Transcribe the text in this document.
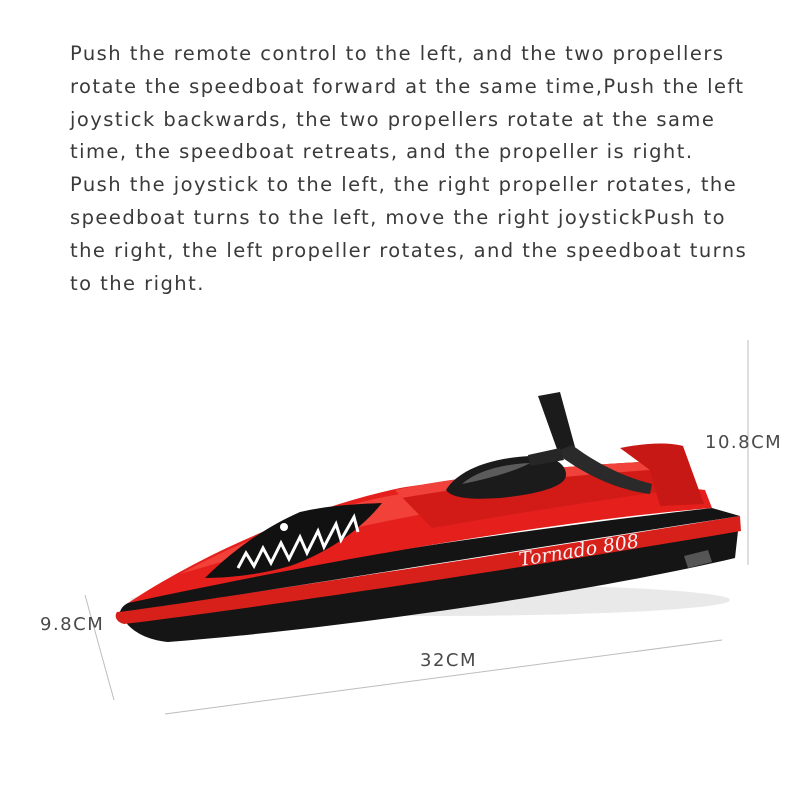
Push the remote control to the left, and the two propellers
rotate the speedboat forward at the same time,Push the left
joystick backwards, the two propellers rotate at the same
time, the speedboat retreats, and the propeller is right.
Push the joystick to the left, the right propeller rotates, the
speedboat turns to the left, move the right joystickPush to
the right, the left propeller rotates, and the speedboat turns
to the right.
Tornado 808
10.8CM
9.8CM
32CM
